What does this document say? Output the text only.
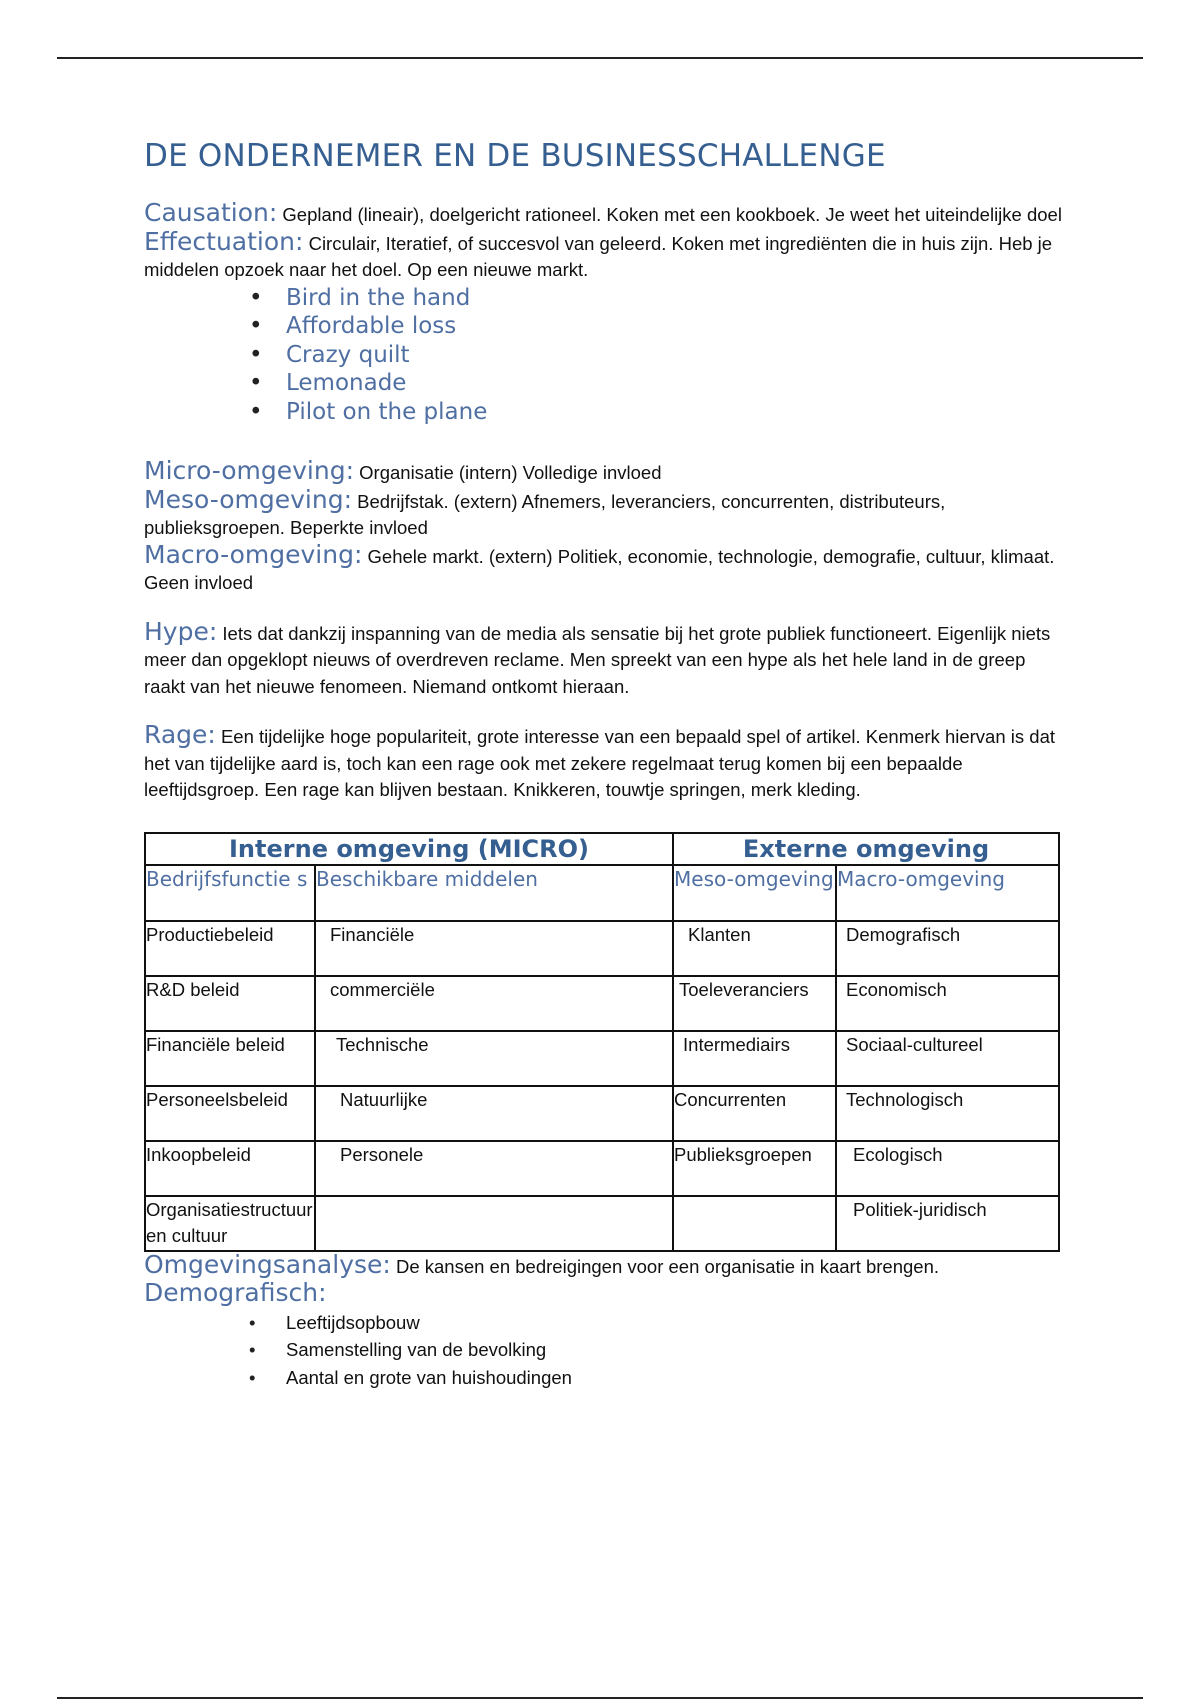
DE ONDERNEMER EN DE BUSINESSCHALLENGE

Causation: Gepland (lineair), doelgericht rationeel. Koken met een kookboek. Je weet het uiteindelijke doel

Effectuation: Circulair, Iteratief, of succesvol van geleerd. Koken met ingrediënten die in huis zijn. Heb je middelen opzoek naar het doel. Op een nieuwe markt.

• Bird in the hand
• Affordable loss
• Crazy quilt
• Lemonade
• Pilot on the plane

Micro-omgeving: Organisatie (intern) Volledige invloed

Meso-omgeving: Bedrijfstak. (extern) Afnemers, leveranciers, concurrenten, distributeurs, publieksgroepen. Beperkte invloed

Macro-omgeving: Gehele markt. (extern) Politiek, economie, technologie, demografie, cultuur, klimaat. Geen invloed

Hype: Iets dat dankzij inspanning van de media als sensatie bij het grote publiek functioneert. Eigenlijk niets meer dan opgeklopt nieuws of overdreven reclame. Men spreekt van een hype als het hele land in de greep raakt van het nieuwe fenomeen. Niemand ontkomt hieraan.

Rage: Een tijdelijke hoge populariteit, grote interesse van een bepaald spel of artikel. Kenmerk hiervan is dat het van tijdelijke aard is, toch kan een rage ook met zekere regelmaat terug komen bij een bepaalde leeftijdsgroep. Een rage kan blijven bestaan. Knikkeren, touwtje springen, merk kleding.

Interne omgeving (MICRO)		Externe omgeving	
Bedrijfsfunctie s	Beschikbare middelen	Meso-omgeving	Macro-omgeving
Productiebeleid	Financiële	Klanten	Demografisch
R&D beleid	commerciële	Toeleveranciers	Economisch
Financiële beleid	Technische	Intermediairs	Sociaal-cultureel
Personeelsbeleid	Natuurlijke	Concurrenten	Technologisch
Inkoopbeleid	Personele	Publieksgroepen	Ecologisch
Organisatiestructuur en cultuur			Politiek-juridisch

Omgevingsanalyse: De kansen en bedreigingen voor een organisatie in kaart brengen.

Demografisch:

• Leeftijdsopbouw
• Samenstelling van de bevolking
• Aantal en grote van huishoudingen
